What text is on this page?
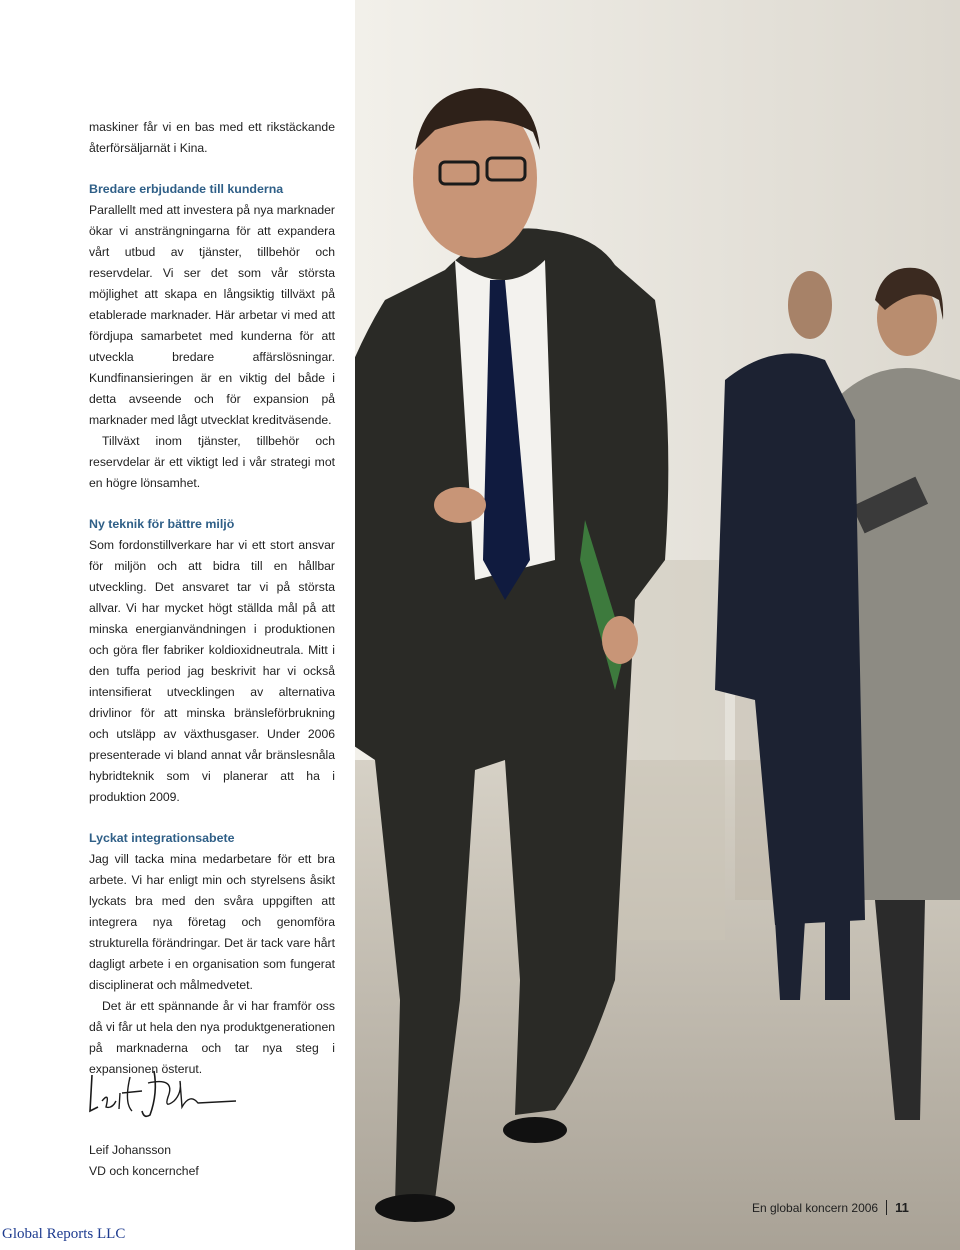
maskiner får vi en bas med ett rikstäckande återförsäljarnät i Kina.

Bredare erbjudande till kunderna

Parallellt med att investera på nya marknader ökar vi ansträngningarna för att expandera vårt utbud av tjänster, tillbehör och reservdelar. Vi ser det som vår största möjlighet att skapa en långsiktig tillväxt på etablerade marknader. Här arbetar vi med att fördjupa samarbetet med kunderna för att utveckla bredare affärslösningar. Kundfinansieringen är en viktig del både i detta avseende och för expansion på marknader med lågt utvecklat kreditväsende.

Tillväxt inom tjänster, tillbehör och reservdelar är ett viktigt led i vår strategi mot en högre lönsamhet.

Ny teknik för bättre miljö

Som fordonstillverkare har vi ett stort ansvar för miljön och att bidra till en hållbar utveckling. Det ansvaret tar vi på största allvar. Vi har mycket högt ställda mål på att minska energianvändningen i produktionen och göra fler fabriker koldioxidneutrala. Mitt i den tuffa period jag beskrivit har vi också intensifierat utvecklingen av alternativa drivlinor för att minska bränsleförbrukning och utsläpp av växthusgaser. Under 2006 presenterade vi bland annat vår bränslesnåla hybridteknik som vi planerar att ha i produktion 2009.

Lyckat integrationsabete

Jag vill tacka mina medarbetare för ett bra arbete. Vi har enligt min och styrelsens åsikt lyckats bra med den svåra uppgiften att integrera nya företag och genomföra strukturella förändringar. Det är tack vare hårt dagligt arbete i en organisation som fungerat disciplinerat och målmedvetet.

Det är ett spännande år vi har framför oss då vi får ut hela den nya produktgenerationen på marknaderna och tar nya steg i expansionen österut.

Leif Johansson
VD och koncernchef
En global koncern 2006 11
Global Reports LLC
